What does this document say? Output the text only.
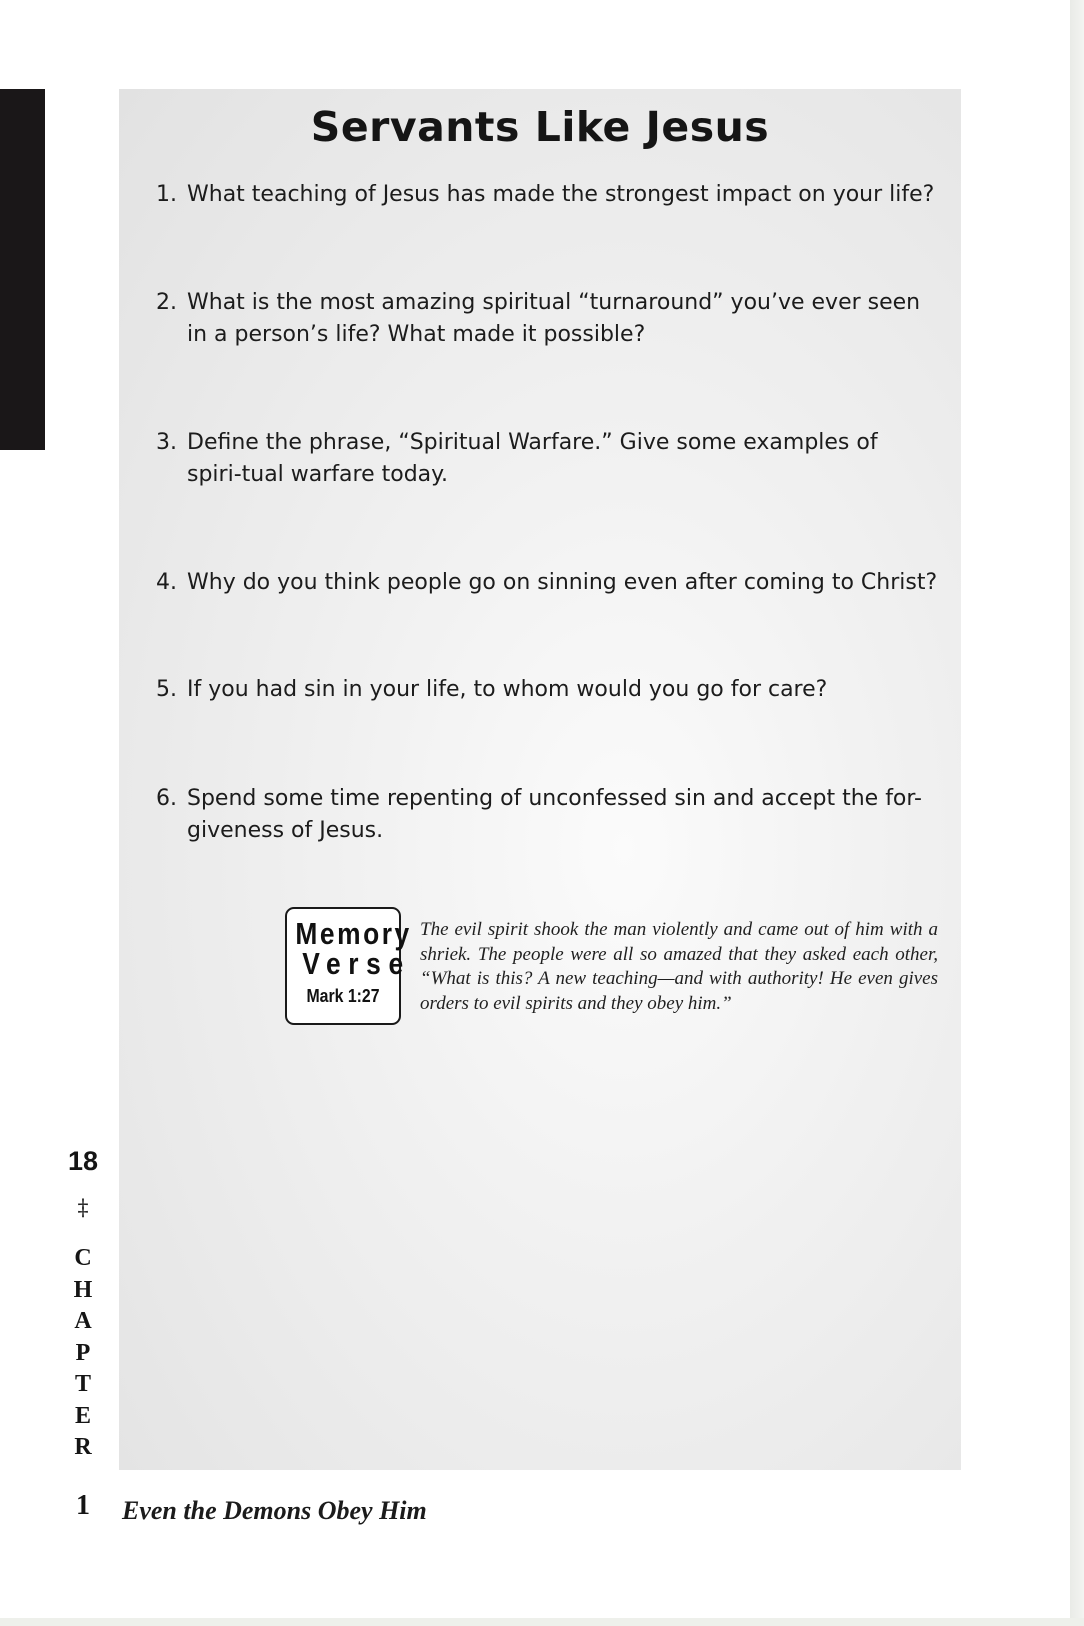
Servants Like Jesus
1. What teaching of Jesus has made the strongest impact on your life?
2. What is the most amazing spiritual “turnaround” you’ve ever seen in a person’s life? What made it possible?
3. Define the phrase, “Spiritual Warfare.” Give some examples of spiri-tual warfare today.
4. Why do you think people go on sinning even after coming to Christ?
5. If you had sin in your life, to whom would you go for care?
6. Spend some time repenting of unconfessed sin and accept the for-giveness of Jesus.
Memory
Verse
Mark 1:27

The evil spirit shook the man violently and came out of him with a shriek. The people were all so amazed that they asked each other, “What is this? A new teaching—and with authority! He even gives orders to evil spirits and they obey him.”

18
‡
C
H
A
P
T
E
R
1	Even the Demons Obey Him
